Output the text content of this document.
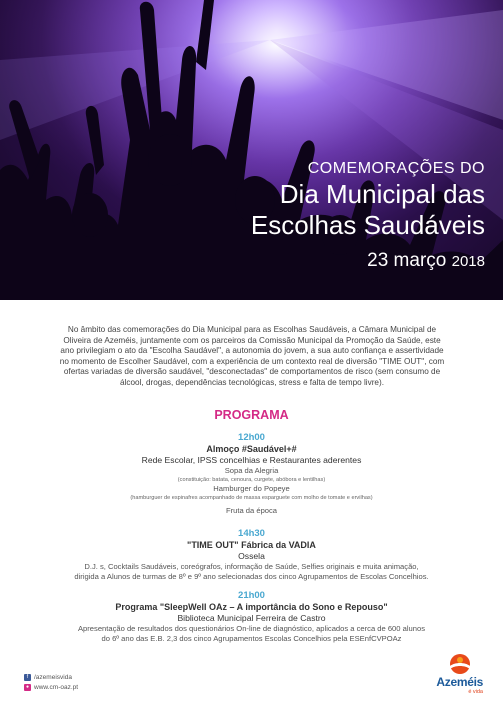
COMEMORAÇÕES DO
Dia Municipal das
Escolhas Saudáveis
23 março 2018
No âmbito das comemorações do Dia Municipal para as Escolhas Saudáveis, a Câmara Municipal de Oliveira de Azeméis, juntamente com os parceiros da Comissão Municipal da Promoção da Saúde, este ano privilegiam o ato da "Escolha Saudável", a autonomia do jovem, a sua auto confiança e assertividade no momento de Escolher Saudável, com a experiência de um contexto real de diversão "TIME OUT", com ofertas variadas de diversão saudável, "desconectadas" de comportamentos de risco (sem consumo de álcool, drogas, dependências tecnológicas, stress e falta de tempo livre).
PROGRAMA
12h00
Almoço #Saudável+#
Rede Escolar, IPSS concelhias e Restaurantes aderentes
Sopa da Alegria
(constituição: batata, cenoura, curgete, abóbora e lentilhas)
Hamburger do Popeye
(hamburguer de espinafres acompanhado de massa esparguete com molho de tomate e ervilhas)
Fruta da época
14h30
"TIME OUT" Fábrica da VADIA
Ossela
D.J. s, Cocktails Saudáveis, coreógrafos, informação de Saúde, Selfies originais e muita animação,
dirigida a Alunos de turmas de 8º e 9º ano selecionadas dos cinco Agrupamentos de Escolas Concelhios.
21h00
Programa "SleepWell OAz – A importância do Sono e Repouso"
Biblioteca Municipal Ferreira de Castro
Apresentação de resultados dos questionários On-line de diagnóstico, aplicados a cerca de 600 alunos
do 6º ano das E.B. 2,3 dos cinco Agrupamentos Escolas Concelhios pela ESEnfCVPOAz
f /azemeisvida
● www.cm-oaz.pt	Azeméis
é vida
